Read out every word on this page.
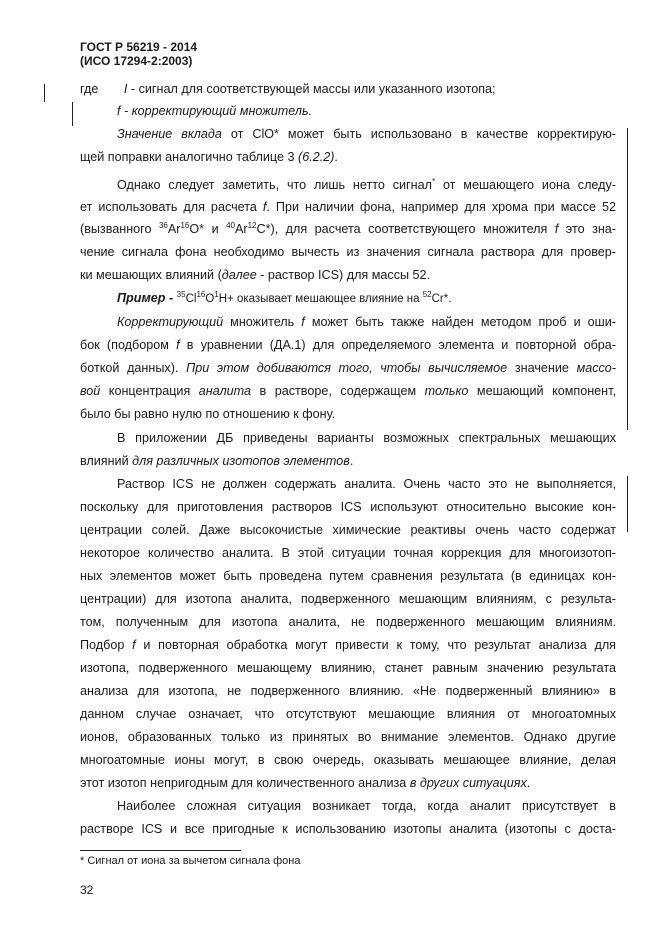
ГОСТ Р 56219 - 2014
(ИСО 17294-2:2003)
где I - сигнал для соответствующей массы или указанного изотопа;
f - корректирующий множитель.
Значение вклада от ClO* может быть использовано в качестве корректирую-
щей поправки аналогично таблице 3 (6.2.2).
Однако следует заметить, что лишь нетто сигнал* от мешающего иона следу-
ет использовать для расчета f. При наличии фона, например для хрома при массе 52
(вызванного $^{36}$Ar$^{16}$O* и $^{40}$Ar$^{12}$C*), для расчета соответствующего множителя f это зна-
чение сигнала фона необходимо вычесть из значения сигнала раствора для провер-
ки мешающих влияний (далее - раствор ICS) для массы 52.
Пример - $^{35}Cl^{16}O^1H+$ оказывает мешающее влияние на $^{52}$Cr*.
Корректирующий множитель f может быть также найден методом проб и оши-
бок (подбором f в уравнении (ДА.1) для определяемого элемента и повторной обра-
боткой данных). При этом добиваются того, чтобы вычисляемое значение массо-
вой концентрация аналита в растворе, содержащем только мешающий компонент,
было бы равно нулю по отношению к фону.
В приложении ДБ приведены варианты возможных спектральных мешающих
влияний для различных изотопов элементов.
Раствор ICS не должен содержать аналита. Очень часто это не выполняется,
поскольку для приготовления растворов ICS используют относительно высокие кон-
центрации солей. Даже высокочистые химические реактивы очень часто содержат
некоторое количество аналита. В этой ситуации точная коррекция для многоизотоп-
ных элементов может быть проведена путем сравнения результата (в единицах кон-
центрации) для изотопа аналита, подверженного мешающим влияниям, с результа-
том, полученным для изотопа аналита, не подверженного мешающим влияниям.
Подбор f и повторная обработка могут привести к тому, что результат анализа для
изотопа, подверженного мешающему влиянию, станет равным значению результата
анализа для изотопа, не подверженного влиянию. «Не подверженный влиянию» в
данном случае означает, что отсутствуют мешающие влияния от многоатомных
ионов, образованных только из принятых во внимание элементов. Однако другие
многоатомные ионы могут, в свою очередь, оказывать мешающее влияние, делая
этот изотоп непригодным для количественного анализа в других ситуациях.
Наиболее сложная ситуация возникает тогда, когда аналит присутствует в
растворе ICS и все пригодные к использованию изотопы аналита (изотопы с доста-
* Сигнал от иона за вычетом сигнала фона
32
